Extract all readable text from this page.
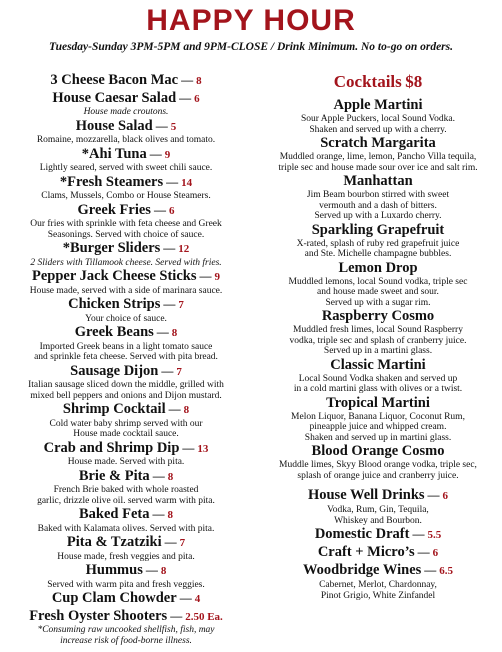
HAPPY HOUR
Tuesday-Sunday 3PM-5PM and 9PM-CLOSE / Drink Minimum. No to-go on orders.
3 Cheese Bacon Mac — 8
House Caesar Salad — 6
House made croutons.
House Salad — 5
Romaine, mozzarella, black olives and tomato.
*Ahi Tuna — 9
Lightly seared, served with sweet chili sauce.
*Fresh Steamers — 14
Clams, Mussels, Combo or House Steamers.
Greek Fries — 6
Our fries with sprinkle with feta cheese and Greek
Seasonings. Served with choice of sauce.
*Burger Sliders — 12
2 Sliders with Tillamook cheese. Served with fries.
Pepper Jack Cheese Sticks — 9
House made, served with a side of marinara sauce.
Chicken Strips — 7
Your choice of sauce.
Greek Beans — 8
Imported Greek beans in a light tomato sauce
and sprinkle feta cheese. Served with pita bread.
Sausage Dijon — 7
Italian sausage sliced down the middle, grilled with
mixed bell peppers and onions and Dijon mustard.
Shrimp Cocktail — 8
Cold water baby shrimp served with our
House made cocktail sauce.
Crab and Shrimp Dip — 13
House made. Served with pita.
Brie & Pita — 8
French Brie baked with whole roasted
garlic, drizzle olive oil. served warm with pita.
Baked Feta — 8
Baked with Kalamata olives. Served with pita.
Pita & Tzatziki — 7
House made, fresh veggies and pita.
Hummus — 8
Served with warm pita and fresh veggies.
Cup Clam Chowder — 4
Fresh Oyster Shooters — 2.50 Ea.
*Consuming raw uncooked shellfish, fish, may
increase risk of food-borne illness.
Cocktails $8
Apple Martini
Sour Apple Puckers, local Sound Vodka.
Shaken and served up with a cherry.
Scratch Margarita
Muddled orange, lime, lemon, Pancho Villa tequila,
triple sec and house made sour over ice and salt rim.
Manhattan
Jim Beam bourbon stirred with sweet
vermouth and a dash of bitters.
Served up with a Luxardo cherry.
Sparkling Grapefruit
X-rated, splash of ruby red grapefruit juice
and Ste. Michelle champagne bubbles.
Lemon Drop
Muddled lemons, local Sound vodka, triple sec
and house made sweet and sour.
Served up with a sugar rim.
Raspberry Cosmo
Muddled fresh limes, local Sound Raspberry
vodka, triple sec and splash of cranberry juice.
Served up in a martini glass.
Classic Martini
Local Sound Vodka shaken and served up
in a cold martini glass with olives or a twist.
Tropical Martini
Melon Liquor, Banana Liquor, Coconut Rum,
pineapple juice and whipped cream.
Shaken and served up in martini glass.
Blood Orange Cosmo
Muddle limes, Skyy Blood orange vodka, triple sec,
splash of orange juice and cranberry juice.
House Well Drinks — 6
Vodka, Rum, Gin, Tequila,
Whiskey and Bourbon.
Domestic Draft — 5.5
Craft + Micro’s — 6
Woodbridge Wines — 6.5
Cabernet, Merlot, Chardonnay,
Pinot Grigio, White Zinfandel
